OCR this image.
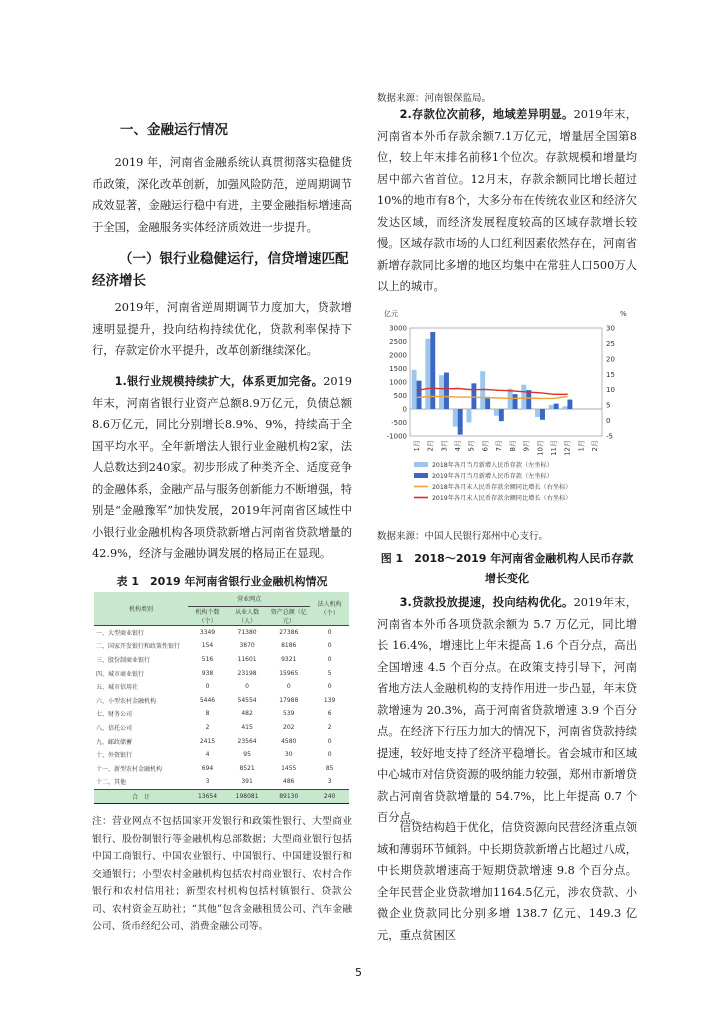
一、金融运行情况

2019 年，河南省金融系统认真贯彻落实稳健货币政策，深化改革创新，加强风险防范，逆周期调节成效显著，金融运行稳中有进，主要金融指标增速高于全国，金融服务实体经济质效进一步提升。

（一）银行业稳健运行，信贷增速匹配经济增长

2019年，河南省逆周期调节力度加大，贷款增速明显提升，投向结构持续优化，贷款利率保持下行，存款定价水平提升，改革创新继续深化。

1.银行业规模持续扩大，体系更加完备。2019年末，河南省银行业资产总额8.9万亿元，负债总额8.6万亿元，同比分别增长8.9%、9%，持续高于全国平均水平。全年新增法人银行业金融机构2家，法人总数达到240家。初步形成了种类齐全、适度竞争的金融体系，金融产品与服务创新能力不断增强，特别是“金融豫军”加快发展，2019年河南省区域性中小银行业金融机构各项贷款新增占河南省贷款增量的42.9%，经济与金融协调发展的格局正在显现。

表 1　2019 年河南省银行业金融机构情况
机构类别	营业网点			法人机构（个）
	机构个数（个）	从业人数（人）	资产总额（亿元）	
一、大型商业银行	3349	71380	27386	0
二、国家开发银行和政策性银行	154	3870	8186	0
三、股份制商业银行	516	11601	9321	0
四、城市商业银行	938	23198	15965	5
五、城市信用社	0	0	0	0
六、小型农村金融机构	5446	54554	17988	139
七、财务公司	8	482	539	6
八、信托公司	2	415	202	2
九、邮政储蓄	2415	23564	4580	0
十、外资银行	4	95	30	0
十一、新型农村金融机构	694	8521	1455	85
十二、其他	3	391	486	3
合　计	13654	198081	89130	240

注：营业网点不包括国家开发银行和政策性银行、大型商业银行、股份制银行等金融机构总部数据；大型商业银行包括中国工商银行、中国农业银行、中国银行、中国建设银行和交通银行；小型农村金融机构包括农村商业银行、农村合作银行和农村信用社；新型农村机构包括村镇银行、贷款公司、农村资金互助社；“其他”包含金融租赁公司、汽车金融公司、货币经纪公司、消费金融公司等。

数据来源：河南银保监局。

2.存款位次前移，地域差异明显。2019年末，河南省本外币存款余额7.1万亿元，增量居全国第8位，较上年末排名前移1个位次。存款规模和增量均居中部六省首位。12月末，存款余额同比增长超过10%的地市有8个，大多分布在传统农业区和经济欠发达区域，而经济发展程度较高的区域存款增长较慢。区域存款市场的人口红利因素依然存在，河南省新增存款同比多增的地区均集中在常驻人口500万人以上的城市。

数据来源：中国人民银行郑州中心支行。
图 1　2018～2019 年河南省金融机构人民币存款增长变化

3.贷款投放提速，投向结构优化。2019年末，河南省本外币各项贷款余额为 5.7 万亿元，同比增长 16.4%，增速比上年末提高 1.6 个百分点，高出全国增速 4.5 个百分点。在政策支持引导下，河南省地方法人金融机构的支持作用进一步凸显，年末贷款增速为 20.3%，高于河南省贷款增速 3.9 个百分点。在经济下行压力加大的情况下，河南省贷款持续提速，较好地支持了经济平稳增长。省会城市和区域中心城市对信贷资源的吸纳能力较强，郑州市新增贷款占河南省贷款增量的 54.7%，比上年提高 0.7 个百分点。

信贷结构趋于优化，信贷资源向民营经济重点领域和薄弱环节倾斜。中长期贷款新增占比超过八成，中长期贷款增速高于短期贷款增速 9.8 个百分点。全年民营企业贷款增加1164.5亿元，涉农贷款、小微企业贷款同比分别多增 138.7 亿元、149.3 亿元，重点贫困区

亿元	%
3000
2500
2000
1500
1000
500
0
-500
-1000
30
25
20
15
10
5
0
-5
1月 2月 3月 4月 5月 6月 7月 8月 9月 10月 11月 12月 1月 2月
2018年各月当月新增人民币存款（左坐标）
2019年各月当月新增人民币存款（左坐标）
2018年各月末人民币存款余额同比增长（右坐标）
2019年各月末人民币存款余额同比增长（右坐标）
5
